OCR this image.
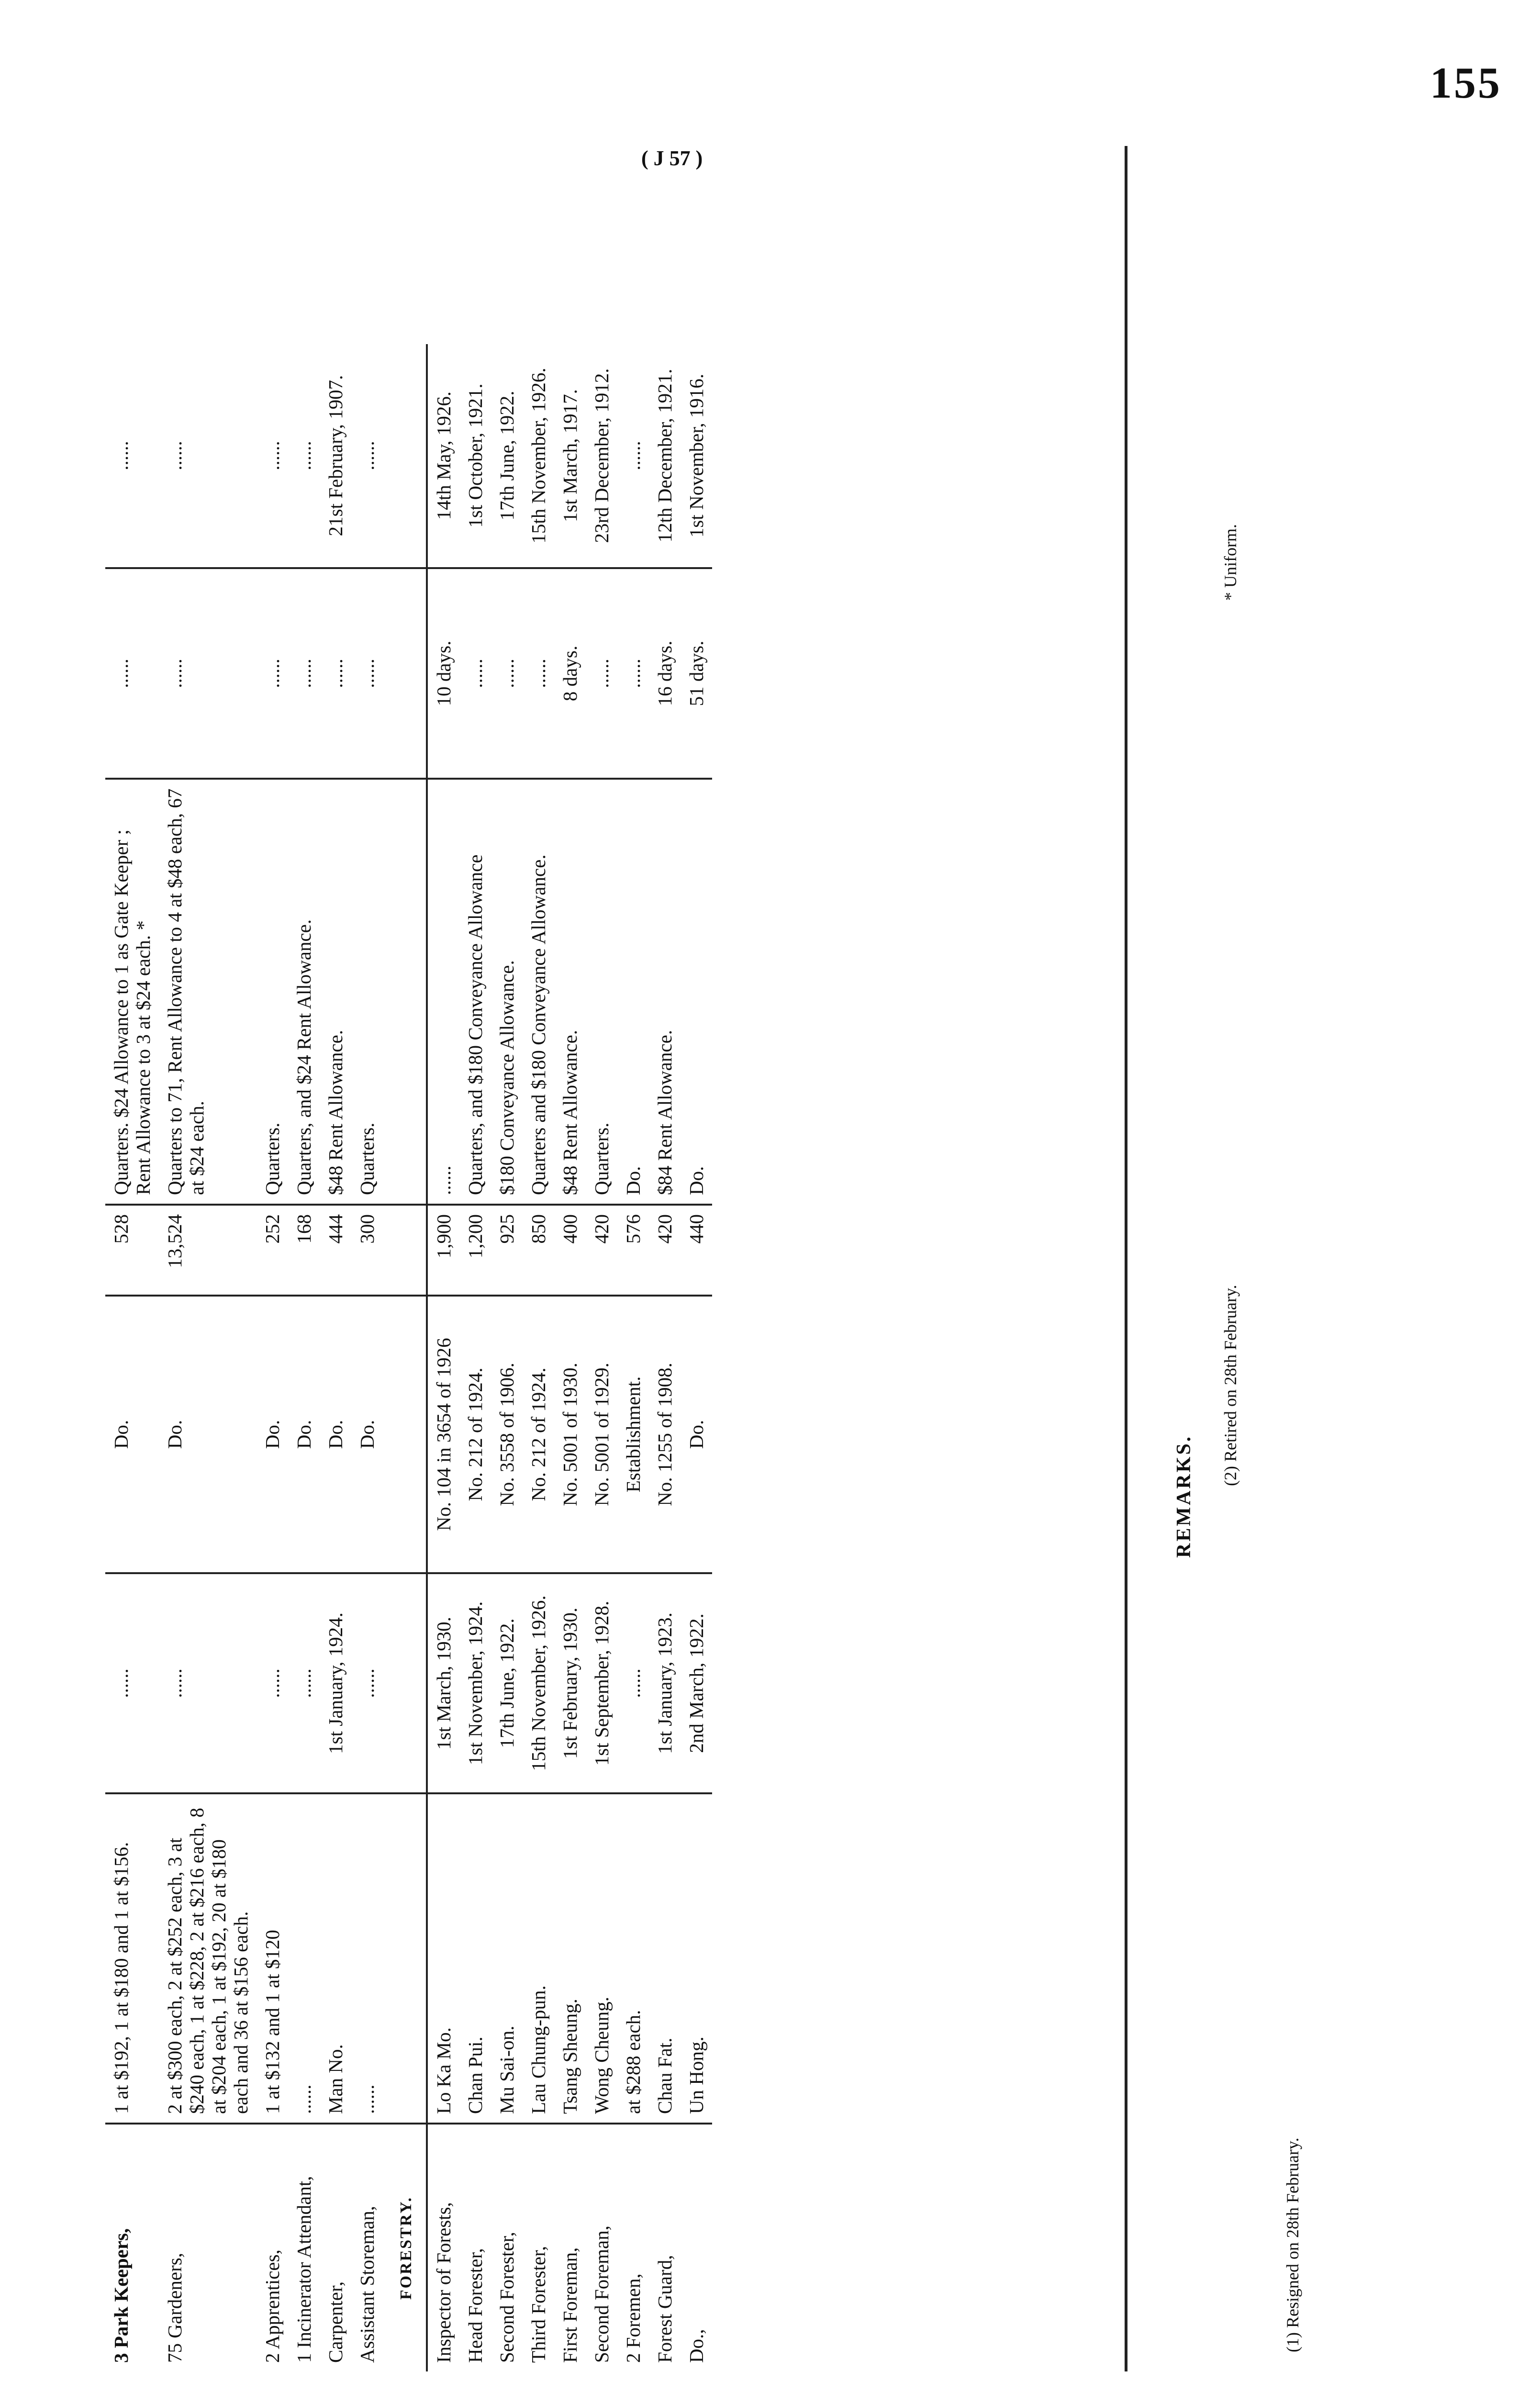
155
( J 57 )
3 Park Keepers,	1 at $192, 1 at $180 and 1 at $156.	......	Do.	528	Quarters. $24 Allowance to 1 as Gate Keeper ; Rent Allowance to 3 at $24 each. *	......	......
75 Gardeners,	2 at $300 each, 2 at $252 each, 3 at $240 each, 1 at $228, 2 at $216 each, 8 at $204 each, 1 at $192, 20 at $180 each and 36 at $156 each.	......	Do.	13,524	Quarters to 71, Rent Allowance to 4 at $48 each, 67 at $24 each.	......	......
2 Apprentices,	1 at $132 and 1 at $120	......	Do.	252	Quarters.	......	......
1 Incinerator Attendant,	......	......	Do.	168	Quarters, and $24 Rent Allowance.	......	......
Carpenter,	Man No.	1st January, 1924.	Do.	444	$48 Rent Allowance.	......	21st February, 1907.
Assistant Storeman,	......	......	Do.	300	Quarters.	......	......

FORESTRY.							

Inspector of Forests,	Lo Ka Mo.	1st March, 1930.	No. 104 in 3654 of 1926	1,900	......	10 days.	14th May, 1926.
Head Forester,	Chan Pui.	1st November, 1924.	No. 212 of 1924.	1,200	Quarters, and $180 Conveyance Allowance	......	1st October, 1921.
Second Forester,	Mu Sai-on.	17th June, 1922.	No. 3558 of 1906.	925	$180 Conveyance Allowance.	......	17th June, 1922.
Third Forester,	Lau Chung-pun.	15th November, 1926.	No. 212 of 1924.	850	Quarters and $180 Conveyance Allowance.	......	15th November, 1926.
First Foreman,	Tsang Sheung.	1st February, 1930.	No. 5001 of 1930.	400	$48 Rent Allowance.	8 days.	1st March, 1917.
Second Foreman,	Wong Cheung.	1st September, 1928.	No. 5001 of 1929.	420	Quarters.	......	23rd December, 1912.
2 Foremen,	at $288 each.	......	Establishment.	576	Do.	......	......
Forest Guard,	Chau Fat.	1st January, 1923.	No. 1255 of 1908.	420	$84 Rent Allowance.	16 days.	12th December, 1921.
Do.,	Un Hong.	2nd March, 1922.	Do.	440	Do.	51 days.	1st November, 1916.
REMARKS.
(1) Resigned on 28th February.
(2) Retired on 28th February.
* Uniform.
